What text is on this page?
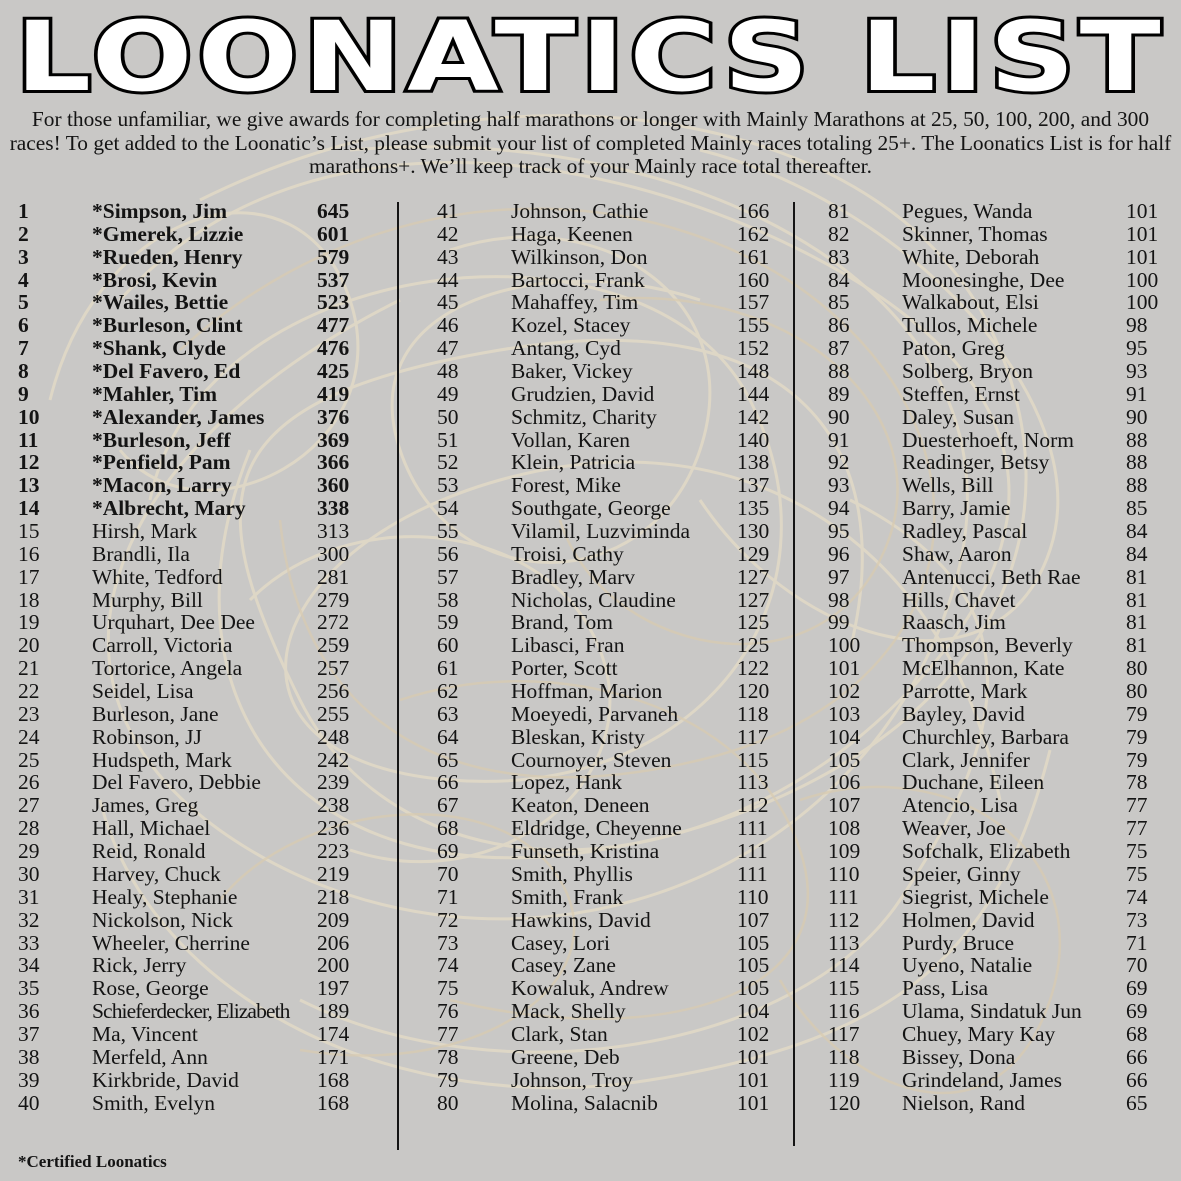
LOONATICS LIST
For those unfamiliar, we give awards for completing half marathons or longer with Mainly Marathons at 25, 50, 100, 200, and 300 races! To get added to the Loonatic’s List, please submit your list of completed Mainly races totaling 25+. The Loonatics List is for half marathons+. We’ll keep track of your Mainly race total thereafter.
1	*Simpson, Jim	645
2	*Gmerek, Lizzie	601
3	*Rueden, Henry	579
4	*Brosi, Kevin	537
5	*Wailes, Bettie	523
6	*Burleson, Clint	477
7	*Shank, Clyde	476
8	*Del Favero, Ed	425
9	*Mahler, Tim	419
10 *Alexander, James 376
11 *Burleson, Jeff	369
12 *Penfield, Pam	366
13 *Macon, Larry	360
14 *Albrecht, Mary	338
15 Hirsh, Mark	313
16 Brandli, Ila	300
17 White, Tedford	281
18 Murphy, Bill	279
19 Urquhart, Dee Dee	272
20 Carroll, Victoria	259
21 Tortorice, Angela	257
22 Seidel, Lisa	256
23 Burleson, Jane	255
24 Robinson, JJ	248
25 Hudspeth, Mark	242
26 Del Favero, Debbie	239
27 James, Greg	238
28 Hall, Michael	236
29 Reid, Ronald	223
30 Harvey, Chuck	219
31 Healy, Stephanie	218
32 Nickolson, Nick	209
33 Wheeler, Cherrine	206
34 Rick, Jerry	200
35 Rose, George	197
36 Schieferdecker, Elizabeth 189
37 Ma, Vincent	174
38 Merfeld, Ann	171
39 Kirkbride, David	168
40 Smith, Evelyn	168
41 Johnson, Cathie	166
42 Haga, Keenen	162
43 Wilkinson, Don	161
44 Bartocci, Frank	160
45 Mahaffey, Tim	157
46 Kozel, Stacey	155
47 Antang, Cyd	152
48 Baker, Vickey	148
49 Grudzien, David	144
50 Schmitz, Charity	142
51 Vollan, Karen	140
52 Klein, Patricia	138
53 Forest, Mike	137
54 Southgate, George	135
55 Vilamil, Luzviminda 130
56 Troisi, Cathy	129
57 Bradley, Marv	127
58 Nicholas, Claudine	127
59 Brand, Tom	125
60 Libasci, Fran	125
61 Porter, Scott	122
62 Hoffman, Marion	120
63 Moeyedi, Parvaneh	118
64 Bleskan, Kristy	117
65 Cournoyer, Steven	115
66 Lopez, Hank	113
67 Keaton, Deneen	112
68 Eldridge, Cheyenne	111
69 Funseth, Kristina	111
70 Smith, Phyllis	111
71 Smith, Frank	110
72 Hawkins, David	107
73 Casey, Lori	105
74 Casey, Zane	105
75 Kowaluk, Andrew	105
76 Mack, Shelly	104
77 Clark, Stan	102
78 Greene, Deb	101
79 Johnson, Troy	101
80 Molina, Salacnib	101
81 Pegues, Wanda	101
82 Skinner, Thomas	101
83 White, Deborah	101
84 Moonesinghe, Dee	100
85 Walkabout, Elsi	100
86 Tullos, Michele	98
87 Paton, Greg	95
88 Solberg, Bryon	93
89 Steffen, Ernst	91
90 Daley, Susan	90
91 Duesterhoeft, Norm 88
92 Readinger, Betsy	88
93 Wells, Bill	88
94 Barry, Jamie	85
95 Radley, Pascal	84
96 Shaw, Aaron	84
97 Antenucci, Beth Rae 81
98 Hills, Chavet	81
99 Raasch, Jim	81
100 Thompson, Beverly 81
101 McElhannon, Kate	80
102 Parrotte, Mark	80
103 Bayley, David	79
104 Churchley, Barbara	79
105 Clark, Jennifer	79
106 Duchane, Eileen	78
107 Atencio, Lisa	77
108 Weaver, Joe	77
109 Sofchalk, Elizabeth	75
110 Speier, Ginny	75
111 Siegrist, Michele	74
112 Holmen, David	73
113 Purdy, Bruce	71
114 Uyeno, Natalie	70
115 Pass, Lisa	69
116 Ulama, Sindatuk Jun 69
117 Chuey, Mary Kay	68
118 Bissey, Dona	66
119 Grindeland, James	66
120 Nielson, Rand	65
*Certified Loonatics
